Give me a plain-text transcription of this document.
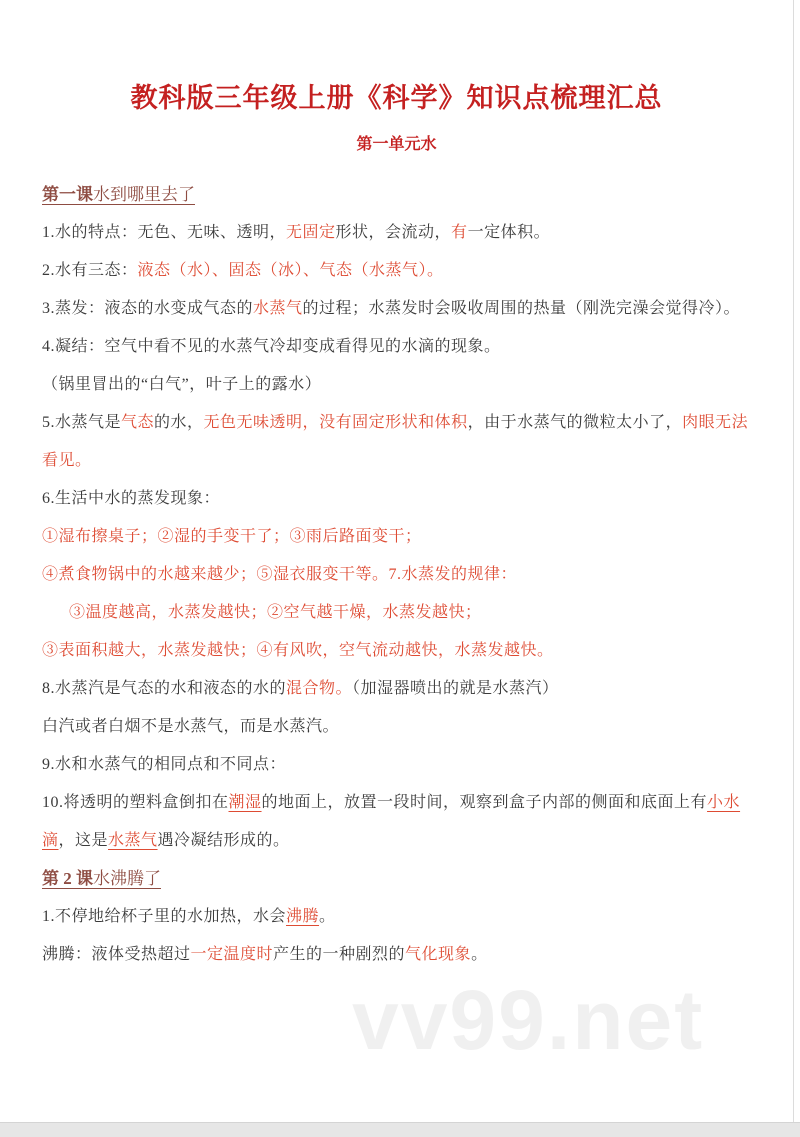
教科版三年级上册《科学》知识点梳理汇总
第一单元水
第一课水到哪里去了

1.水的特点：无色、无味、透明，无固定形状，会流动，有一定体积。

2.水有三态：液态（水）、固态（冰）、气态（水蒸气）。

3.蒸发：液态的水变成气态的水蒸气的过程；水蒸发时会吸收周围的热量（刚洗完澡会觉得冷）。

4.凝结：空气中看不见的水蒸气冷却变成看得见的水滴的现象。

（锅里冒出的“白气”，叶子上的露水）

5.水蒸气是气态的水，无色无味透明，没有固定形状和体积，由于水蒸气的微粒太小了，肉眼无法看见。

6.生活中水的蒸发现象：

①湿布擦桌子；②湿的手变干了；③雨后路面变干；

④煮食物锅中的水越来越少；⑤湿衣服变干等。7.水蒸发的规律：

③温度越高，水蒸发越快；②空气越干燥，水蒸发越快；

③表面积越大，水蒸发越快；④有风吹，空气流动越快，水蒸发越快。

8.水蒸汽是气态的水和液态的水的混合物。（加湿器喷出的就是水蒸汽）

白汽或者白烟不是水蒸气，而是水蒸汽。

9.水和水蒸气的相同点和不同点：

10.将透明的塑料盒倒扣在潮湿的地面上，放置一段时间，观察到盒子内部的侧面和底面上有小水滴，这是水蒸气遇冷凝结形成的。

第 2 课水沸腾了

1.不停地给杯子里的水加热，水会沸腾。

沸腾：液体受热超过一定温度时产生的一种剧烈的气化现象。

vv99.net
